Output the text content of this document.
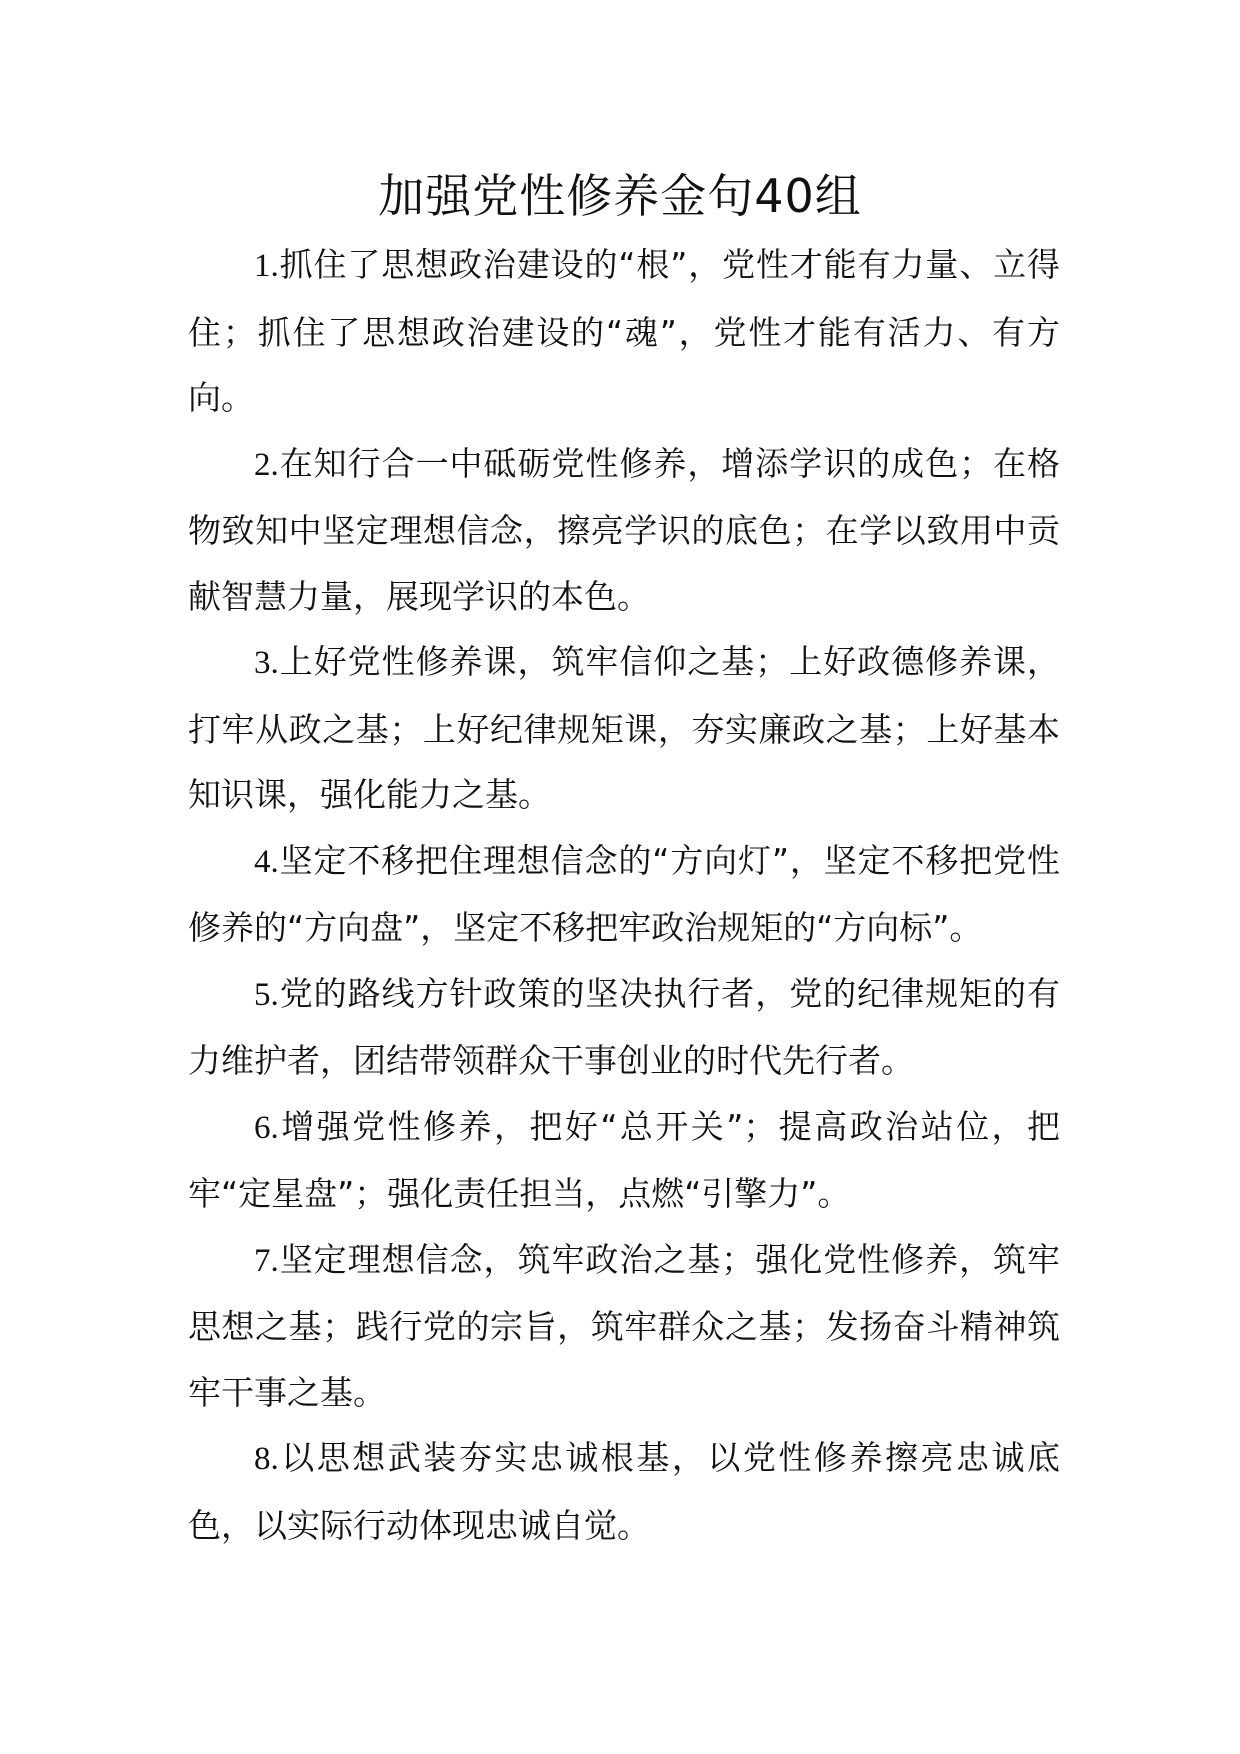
加强党性修养金句40组

1.抓住了思想政治建设的“根”，党性才能有力量、立得住；抓住了思想政治建设的“魂”，党性才能有活力、有方向。

2.在知行合一中砥砺党性修养，增添学识的成色；在格物致知中坚定理想信念，擦亮学识的底色；在学以致用中贡献智慧力量，展现学识的本色。

3.上好党性修养课，筑牢信仰之基；上好政德修养课，打牢从政之基；上好纪律规矩课，夯实廉政之基；上好基本知识课，强化能力之基。

4.坚定不移把住理想信念的“方向灯”，坚定不移把党性修养的“方向盘”，坚定不移把牢政治规矩的“方向标”。

5.党的路线方针政策的坚决执行者，党的纪律规矩的有力维护者，团结带领群众干事创业的时代先行者。

6.增强党性修养，把好“总开关”；提高政治站位，把牢“定星盘”；强化责任担当，点燃“引擎力”。

7.坚定理想信念，筑牢政治之基；强化党性修养，筑牢思想之基；践行党的宗旨，筑牢群众之基；发扬奋斗精神筑牢干事之基。

8.以思想武装夯实忠诚根基，以党性修养擦亮忠诚底色，以实际行动体现忠诚自觉。
